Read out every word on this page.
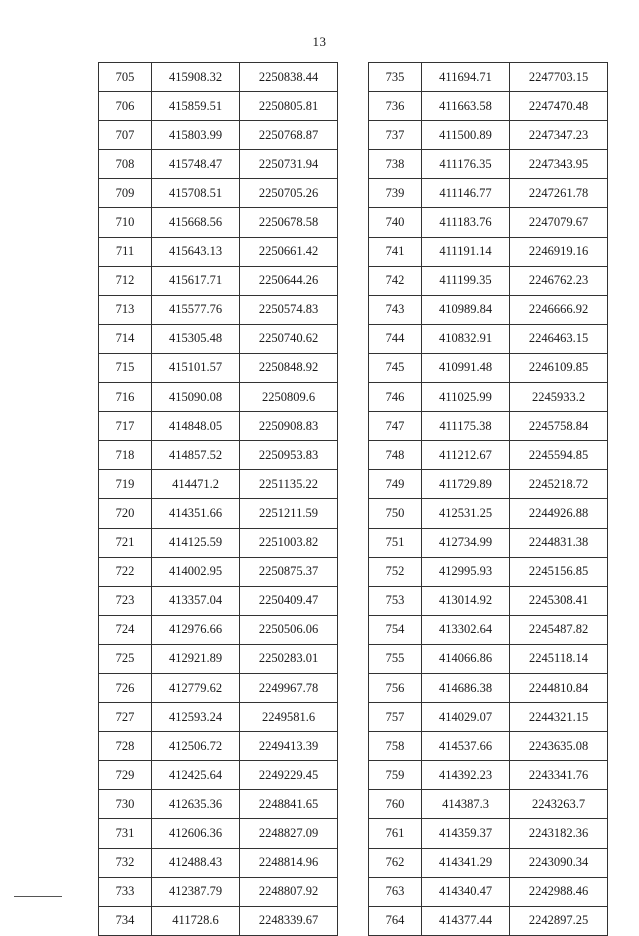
13
705	415908.32	2250838.44
706	415859.51	2250805.81
707	415803.99	2250768.87
708	415748.47	2250731.94
709	415708.51	2250705.26
710	415668.56	2250678.58
711	415643.13	2250661.42
712	415617.71	2250644.26
713	415577.76	2250574.83
714	415305.48	2250740.62
715	415101.57	2250848.92
716	415090.08	2250809.6
717	414848.05	2250908.83
718	414857.52	2250953.83
719	414471.2	2251135.22
720	414351.66	2251211.59
721	414125.59	2251003.82
722	414002.95	2250875.37
723	413357.04	2250409.47
724	412976.66	2250506.06
725	412921.89	2250283.01
726	412779.62	2249967.78
727	412593.24	2249581.6
728	412506.72	2249413.39
729	412425.64	2249229.45
730	412635.36	2248841.65
731	412606.36	2248827.09
732	412488.43	2248814.96
733	412387.79	2248807.92
734	411728.6	2248339.67
735	411694.71	2247703.15
736	411663.58	2247470.48
737	411500.89	2247347.23
738	411176.35	2247343.95
739	411146.77	2247261.78
740	411183.76	2247079.67
741	411191.14	2246919.16
742	411199.35	2246762.23
743	410989.84	2246666.92
744	410832.91	2246463.15
745	410991.48	2246109.85
746	411025.99	2245933.2
747	411175.38	2245758.84
748	411212.67	2245594.85
749	411729.89	2245218.72
750	412531.25	2244926.88
751	412734.99	2244831.38
752	412995.93	2245156.85
753	413014.92	2245308.41
754	413302.64	2245487.82
755	414066.86	2245118.14
756	414686.38	2244810.84
757	414029.07	2244321.15
758	414537.66	2243635.08
759	414392.23	2243341.76
760	414387.3	2243263.7
761	414359.37	2243182.36
762	414341.29	2243090.34
763	414340.47	2242988.46
764	414377.44	2242897.25
